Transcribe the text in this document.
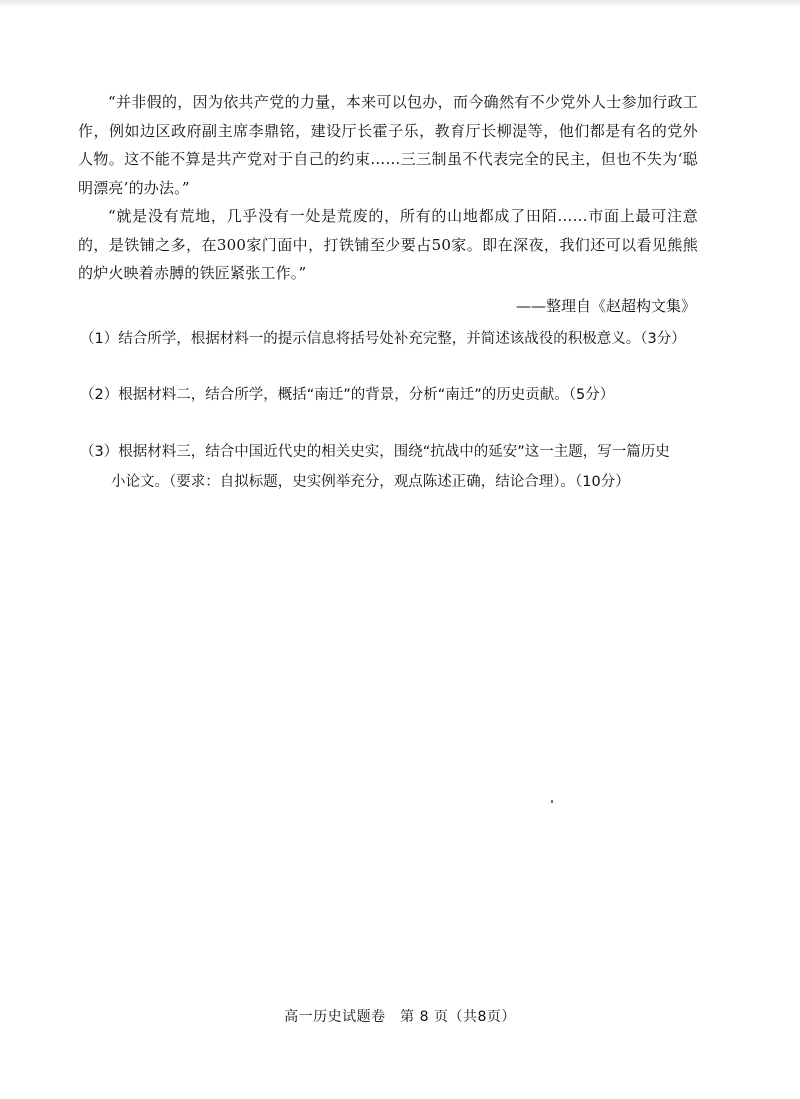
“并非假的，因为依共产党的力量，本来可以包办，而今确然有不少党外人士参加行政工作，例如边区政府副主席李鼎铭，建设厅长霍子乐，教育厅长柳湜等，他们都是有名的党外人物。这不能不算是共产党对于自己的约束……三三制虽不代表完全的民主，但也不失为‘聪明漂亮’的办法。”

“就是没有荒地，几乎没有一处是荒废的，所有的山地都成了田陌……市面上最可注意的，是铁铺之多，在300家门面中，打铁铺至少要占50家。即在深夜，我们还可以看见熊熊的炉火映着赤膊的铁匠紧张工作。”

——整理自《赵超构文集》
（1）结合所学，根据材料一的提示信息将括号处补充完整，并简述该战役的积极意义。（3分）
（2）根据材料二，结合所学，概括“南迁”的背景，分析“南迁”的历史贡献。（5分）
（3）根据材料三，结合中国近代史的相关史实，围绕“抗战中的延安”这一主题，写一篇历史
小论文。（要求：自拟标题，史实例举充分，观点陈述正确，结论合理）。（10分）
高一历史试题卷　第 8 页（共8页）
